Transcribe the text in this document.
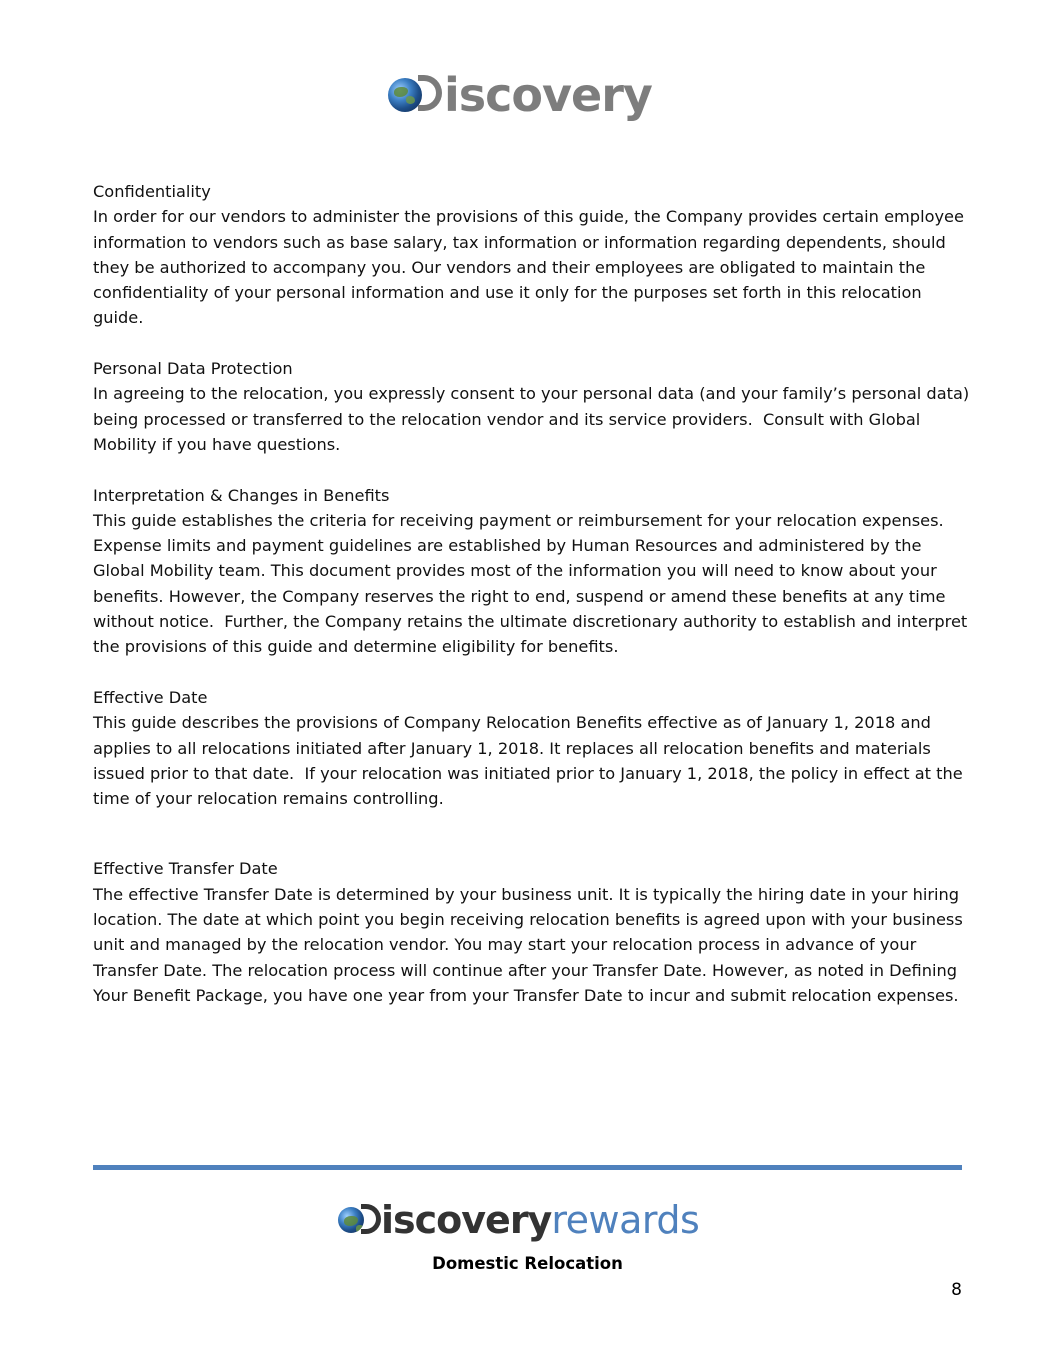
iscovery

Confidentiality

In order for our vendors to administer the provisions of this guide, the Company provides certain employee information to vendors such as base salary, tax information or information regarding dependents, should they be authorized to accompany you. Our vendors and their employees are obligated to maintain the confidentiality of your personal information and use it only for the purposes set forth in this relocation guide.

Personal Data Protection

In agreeing to the relocation, you expressly consent to your personal data (and your family’s personal data) being processed or transferred to the relocation vendor and its service providers.  Consult with Global Mobility if you have questions.

Interpretation & Changes in Benefits

This guide establishes the criteria for receiving payment or reimbursement for your relocation expenses. Expense limits and payment guidelines are established by Human Resources and administered by the Global Mobility team. This document provides most of the information you will need to know about your benefits. However, the Company reserves the right to end, suspend or amend these benefits at any time without notice.  Further, the Company retains the ultimate discretionary authority to establish and interpret the provisions of this guide and determine eligibility for benefits.

Effective Date

This guide describes the provisions of Company Relocation Benefits effective as of January 1, 2018 and applies to all relocations initiated after January 1, 2018. It replaces all relocation benefits and materials issued prior to that date.  If your relocation was initiated prior to January 1, 2018, the policy in effect at the time of your relocation remains controlling.

Effective Transfer Date

The effective Transfer Date is determined by your business unit. It is typically the hiring date in your hiring location. The date at which point you begin receiving relocation benefits is agreed upon with your business unit and managed by the relocation vendor. You may start your relocation process in advance of your Transfer Date. The relocation process will continue after your Transfer Date. However, as noted in Defining Your Benefit Package, you have one year from your Transfer Date to incur and submit relocation expenses.

iscovery rewards
Domestic Relocation
8
